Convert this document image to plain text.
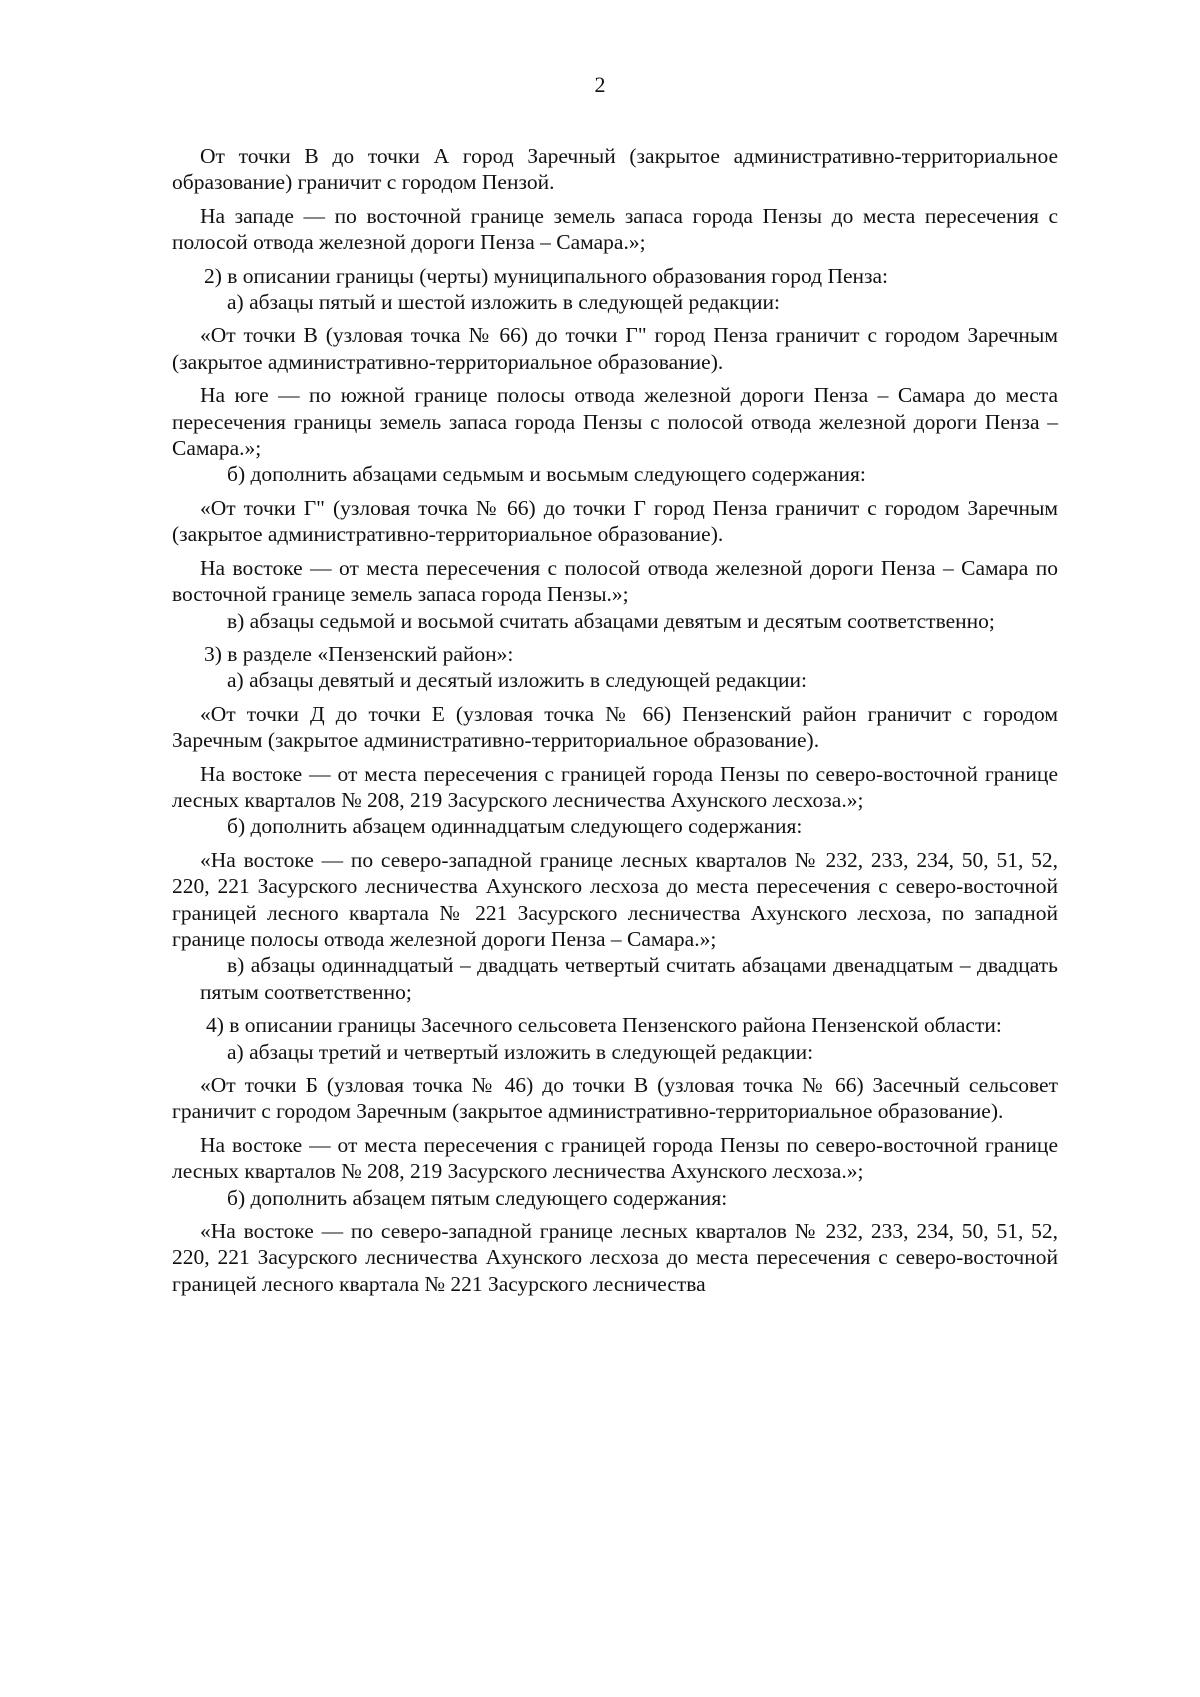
2

От точки В до точки А город Заречный (закрытое административно-территориальное образование) граничит с городом Пензой.

На западе — по восточной границе земель запаса города Пензы до места пересечения с полосой отвода железной дороги Пенза – Самара.»;

2) в описании границы (черты) муниципального образования город Пенза:

а) абзацы пятый и шестой изложить в следующей редакции:

«От точки В (узловая точка № 66) до точки Г" город Пенза граничит с городом Заречным (закрытое административно-территориальное образование).

На юге — по южной границе полосы отвода железной дороги Пенза – Самара до места пересечения границы земель запаса города Пензы с полосой отвода железной дороги Пенза – Самара.»;

б) дополнить абзацами седьмым и восьмым следующего содержания:

«От точки Г" (узловая точка № 66) до точки Г город Пенза граничит с городом Заречным (закрытое административно-территориальное образование).

На востоке — от места пересечения с полосой отвода железной дороги Пенза – Самара по восточной границе земель запаса города Пензы.»;

в) абзацы седьмой и восьмой считать абзацами девятым и десятым соответственно;

3) в разделе «Пензенский район»:

а) абзацы девятый и десятый изложить в следующей редакции:

«От точки Д до точки Е (узловая точка № 66) Пензенский район граничит с городом Заречным (закрытое административно-территориальное образование).

На востоке — от места пересечения с границей города Пензы по северо-восточной границе лесных кварталов № 208, 219 Засурского лесничества Ахунского лесхоза.»;

б) дополнить абзацем одиннадцатым следующего содержания:

«На востоке — по северо-западной границе лесных кварталов № 232, 233, 234, 50, 51, 52, 220, 221 Засурского лесничества Ахунского лесхоза до места пересечения с северо-восточной границей лесного квартала № 221 Засурского лесничества Ахунского лесхоза, по западной границе полосы отвода железной дороги Пенза – Самара.»;

в) абзацы одиннадцатый – двадцать четвертый считать абзацами двенадцатым – двадцать пятым соответственно;

4) в описании границы Засечного сельсовета Пензенского района Пензенской области:

а) абзацы третий и четвертый изложить в следующей редакции:

«От точки Б (узловая точка № 46) до точки В (узловая точка № 66) Засечный сельсовет граничит с городом Заречным (закрытое административно-территориальное образование).

На востоке — от места пересечения с границей города Пензы по северо-восточной границе лесных кварталов № 208, 219 Засурского лесничества Ахунского лесхоза.»;

б) дополнить абзацем пятым следующего содержания:

«На востоке — по северо-западной границе лесных кварталов № 232, 233, 234, 50, 51, 52, 220, 221 Засурского лесничества Ахунского лесхоза до места пересечения с северо-восточной границей лесного квартала № 221 Засурского лесничества
